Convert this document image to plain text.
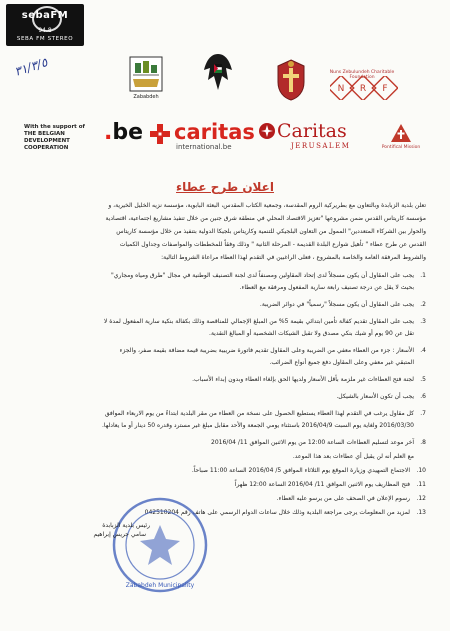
sebaFM
94.8
SEBA FM STEREO
٣١/٣/٥
Zababdeh
Nuns Zebulundeh Charitable Foundation
N R F
With the support of
THE BELGIAN
DEVELOPMENT COOPERATION
.be caritas
international.be
Caritas
JERUSALEM	Pontifical Mission
اعلان طرح عطاء
تعلن بلدية الزبابدة وبالتعاون مع بطريركية الروم المقدسة، وجمعية الكتاب المقدس، البعثة البابوية، مؤسسة نزيه الخليل الخيرية، و
مؤسسة كاريتاس القدس ضمن مشروعها "تعزيز الاقتصاد المحلي في منطقة شرق جنين من خلال تنفيذ مشاريع اجتماعية، اقتصادية
والحوار بين الشركاء المتعددين" الممول من التعاون البلجيكي للتنمية وكاريتاس بلجيكا الدولية بتنفيذ من خلال مؤسسة كاريتاس
القدس عن طرح عطاء " تأهيل شوارع البلدة القديمة - المرحلة الثانية " وذلك وفقاً للمخططات والمواصفات وجداول الكميات
والشروط المرفقة العامة والخاصة بالمشروع ، فعلى الراغبين في التقدم لهذا العطاء مراعاة الشروط التالية:
1.
يجب على المقاول أن يكون مسجلاً لدى إتحاد المقاولين ومصنفاً لدى لجنة التصنيف الوطنية في مجال "طرق ومياه ومجاري"
بحيث لا يقل عن درجة تصنيف رابعة سارية المفعول ومرفقة مع العطاء.
2.
يجب على المقاول أن يكون مسجلاً "رسمياً" في دوائر الضريبة.
3.
يجب على المقاول تقديم كفالة تأمين ابتدائي بقيمة 5% من المبلغ الإجمالي للمناقصة وذلك بكفالة بنكية سارية المفعول لمدة لا
تقل عن 90 يوم أو شيك بنكي مصدق ولا تقبل الشيكات الشخصية أو المبالغ النقدية.
4.
الأسعار : جزء من العطاء معفي من الضريبة وعلى المقاول تقديم فاتورة ضريبية بضريبة قيمة مضافة بقيمة صفر، والجزء
المتبقي غير معفي وعلى المقاول دفع جميع أنواع الضرائب.
5.
لجنة فتح العطاءات غير ملزمة بأقل الأسعار ولديها الحق بإلغاء العطاء وبدون إبداء الأسباب.
6.
يجب أن تكون الأسعار بالشيكل.
7.
كل مقاول يرغب في التقدم لهذا العطاء يستطيع الحصول على نسخة من العطاء من مقر البلدية ابتداءً من يوم الاربعاء الموافق
2016/03/30 ولغاية يوم السبت 2016/04/9 باستثناء يومي الجمعة والأحد مقابل مبلغ غير مسترد وقدره 50 دينار أو ما يعادلها.
8.
آخر موعد لتسليم العطاءات الساعة 12:00 من يوم الاثنين الموافق 11/ 2016/04
مع العلم أنه لن يقبل أي عطاءات بعد هذا الموعد.
10.
الاجتماع التمهيدي وزيارة الموقع يوم الثلاثاء الموافق 5/ 2016/04 الساعة 11:00 صباحاً.
11.
فتح المظاريف يوم الاثنين الموافق 11/ 2016/04 الساعة 12:00 ظهراً
12.
رسوم الإعلان في الصحف على من يرسو عليه العطاء.
13.
لمزيد من المعلومات يرجى مراجعة البلدية وذلك خلال ساعات الدوام الرسمي على هاتف رقم 042510204
Zababdeh Municipality
رئيس بلدية الزبابدة
سامي جريس إبراهيم
